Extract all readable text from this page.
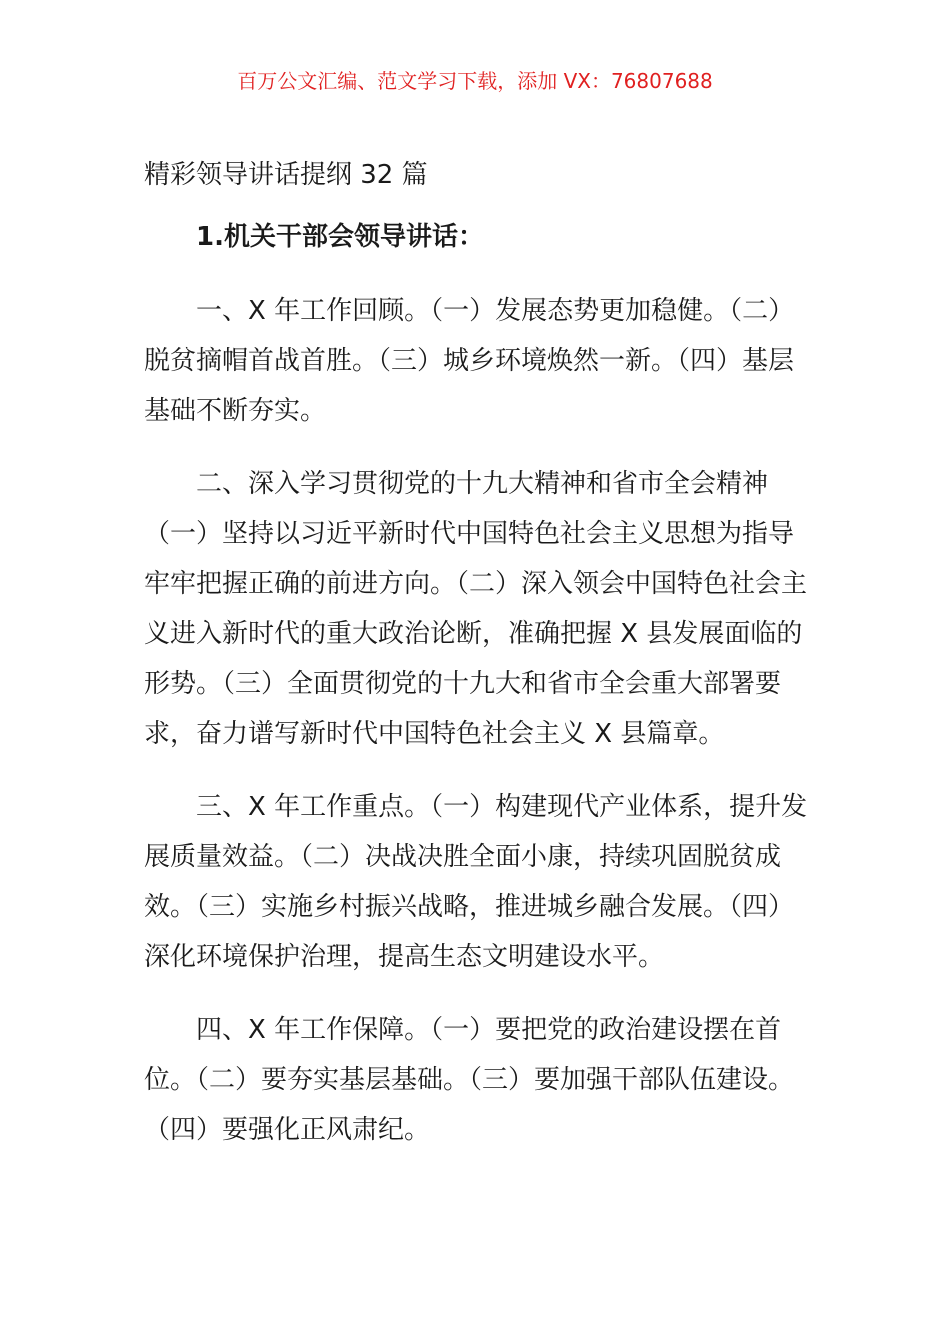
百万公文汇编、范文学习下载，添加 VX：76807688
精彩领导讲话提纲 32 篇
1.机关干部会领导讲话：

一、X 年工作回顾。（一）发展态势更加稳健。（二）脱贫摘帽首战首胜。（三）城乡环境焕然一新。（四）基层基础不断夯实。

二、深入学习贯彻党的十九大精神和省市全会精神（一）坚持以习近平新时代中国特色社会主义思想为指导牢牢把握正确的前进方向。（二）深入领会中国特色社会主义进入新时代的重大政治论断，准确把握 X 县发展面临的形势。（三）全面贯彻党的十九大和省市全会重大部署要求，奋力谱写新时代中国特色社会主义 X 县篇章。

三、X 年工作重点。（一）构建现代产业体系，提升发展质量效益。（二）决战决胜全面小康，持续巩固脱贫成效。（三）实施乡村振兴战略，推进城乡融合发展。（四）深化环境保护治理，提高生态文明建设水平。

四、X 年工作保障。（一）要把党的政治建设摆在首位。（二）要夯实基层基础。（三）要加强干部队伍建设。（四）要强化正风肃纪。
